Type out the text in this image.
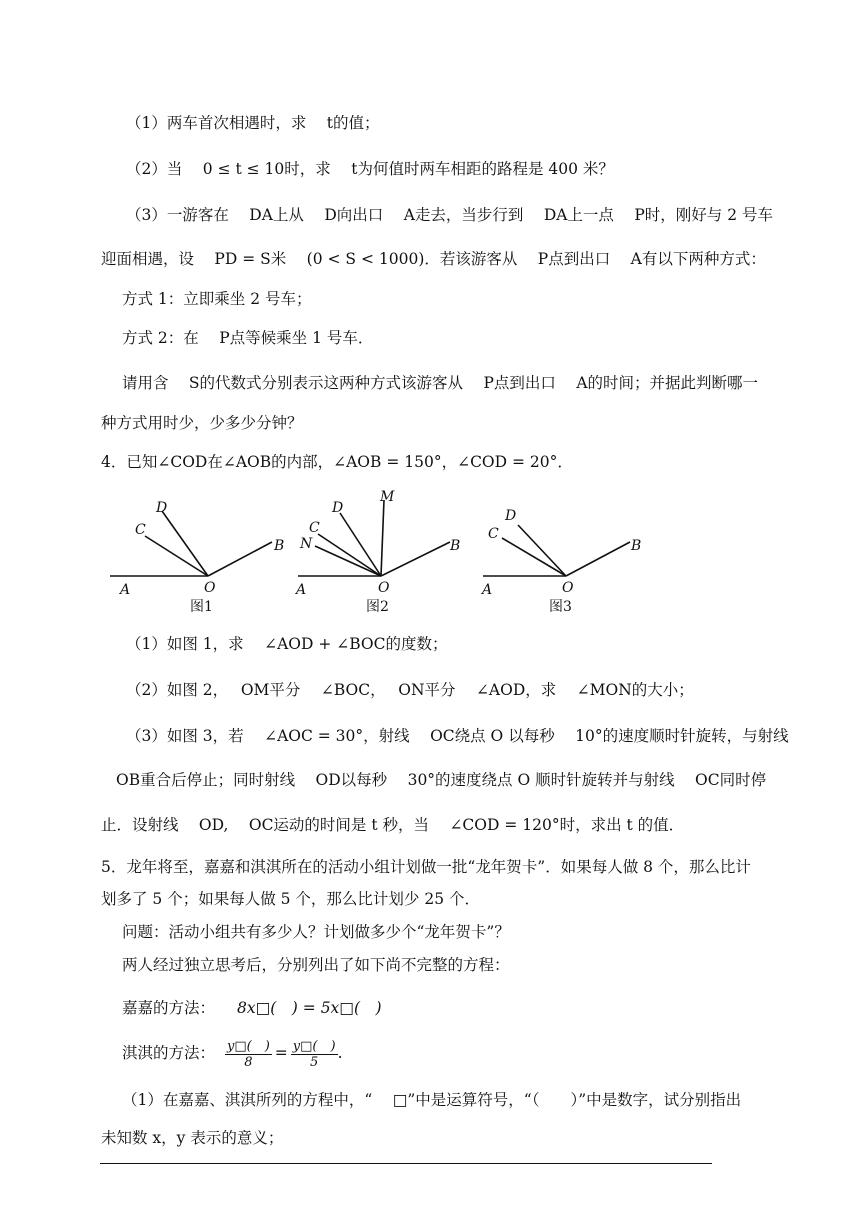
（1）两车首次相遇时，求　 t的值；
（2）当　 0 ≤ t ≤ 10时，求　 t为何值时两车相距的路程是 400 米？
（3）一游客在　 DA上从　 D向出口　 A走去，当步行到　 DA上一点　 P时，刚好与 2 号车
迎面相遇，设　 PD = S米　 (0 < S < 1000)．若该游客从　 P点到出口　 A有以下两种方式：
方式 1：立即乘坐 2 号车；
方式 2：在　 P点等候乘坐 1 号车．
请用含　 S的代数式分别表示这两种方式该游客从　 P点到出口　 A的时间；并据此判断哪一
种方式用时少，少多少分钟？
4．已知∠COD在∠AOB的内部，∠AOB = 150°，∠COD = 20°．
A	O
B
C
D
A	O
B
C
D
M
N
A	O
B
C
D
图1	图2	图3
（1）如图 1，求　 ∠AOD + ∠BOC的度数；
（2）如图 2，　 OM平分　 ∠BOC，　 ON平分　 ∠AOD，求　 ∠MON的大小；
（3）如图 3，若　 ∠AOC = 30°，射线　 OC绕点 O 以每秒　 10°的速度顺时针旋转，与射线
OB重合后停止；同时射线　 OD以每秒　 30°的速度绕点 O 顺时针旋转并与射线　 OC同时停
止．设射线　 OD,　 OC运动的时间是 t 秒，当　 ∠COD = 120°时，求出 t 的值．
5．龙年将至，嘉嘉和淇淇所在的活动小组计划做一批“龙年贺卡”．如果每人做 8 个，那么比计
划多了 5 个；如果每人做 5 个，那么比计划少 25 个．
问题：活动小组共有多少人？计划做多少个“龙年贺卡”？
两人经过独立思考后，分别列出了如下尚不完整的方程：
嘉嘉的方法： 8x□(　) = 5x□(　)
淇淇的方法： $\frac{y□( )}{8} = \frac{y□( )}{5}$ .
（1）在嘉嘉、淇淇所列的方程中，“　 □”中是运算符号，“（　　）”中是数字，试分别指出
未知数 x，y 表示的意义；
